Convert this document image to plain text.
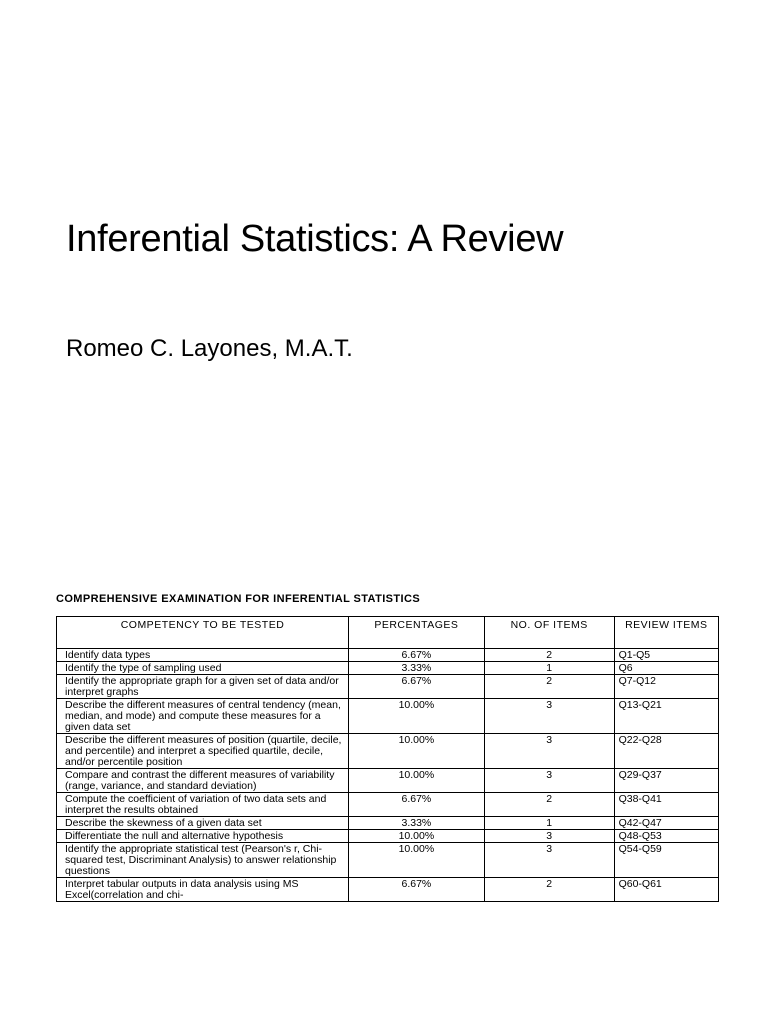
Inferential Statistics: A Review
Romeo C. Layones, M.A.T.
COMPREHENSIVE EXAMINATION FOR INFERENTIAL STATISTICS
COMPETENCY TO BE TESTED	PERCENTAGES	NO. OF ITEMS	REVIEW ITEMS
Identify data types	6.67%	2	Q1-Q5
Identify the type of sampling used	3.33%	1	Q6
Identify the appropriate graph for a given set of data and/or interpret graphs	6.67%	2	Q7-Q12
Describe the different measures of central tendency (mean, median, and mode) and compute these measures for a given data set	10.00%	3	Q13-Q21
Describe the different measures of position (quartile, decile, and percentile) and interpret a specified quartile, decile, and/or percentile position	10.00%	3	Q22-Q28
Compare and contrast the different measures of variability (range, variance, and standard deviation)	10.00%	3	Q29-Q37
Compute the coefficient of variation of two data sets and interpret the results obtained	6.67%	2	Q38-Q41
Describe the skewness of a given data set	3.33%	1	Q42-Q47
Differentiate the null and alternative hypothesis	10.00%	3	Q48-Q53
Identify the appropriate statistical test (Pearson's r, Chi-squared test, Discriminant Analysis) to answer relationship questions	10.00%	3	Q54-Q59
Interpret tabular outputs in data analysis using MS Excel(correlation and chi-	6.67%	2	Q60-Q61
